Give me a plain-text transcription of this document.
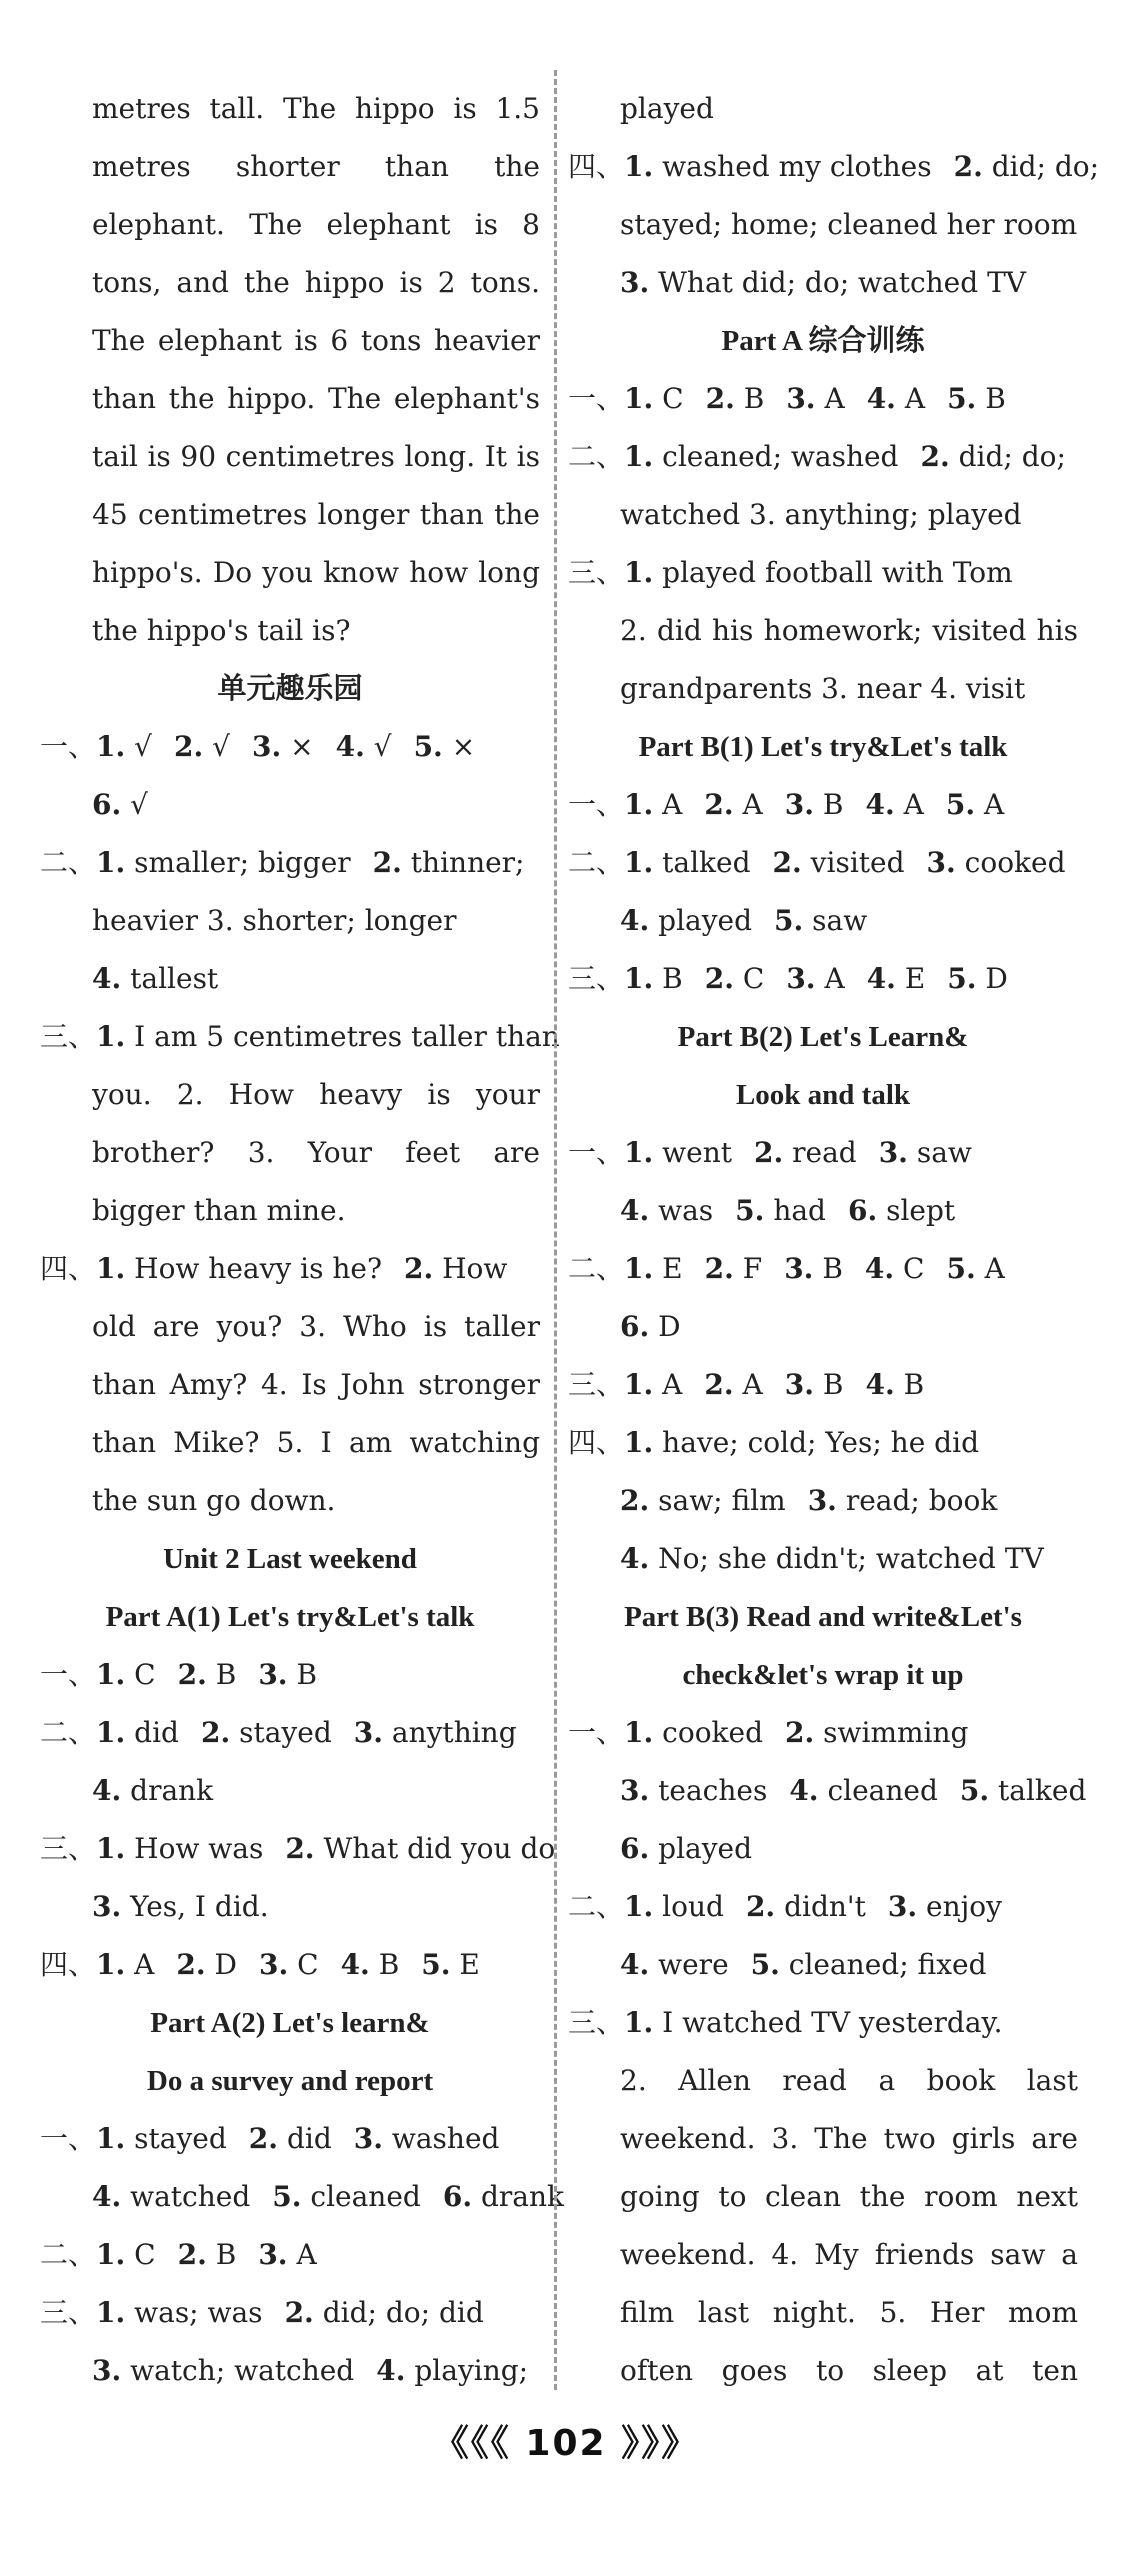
metres tall. The hippo is 1.5
metres shorter than the
elephant. The elephant is 8
tons, and the hippo is 2 tons.
The elephant is 6 tons heavier
than the hippo. The elephant's
tail is 90 centimetres long. It is
45 centimetres longer than the
hippo's. Do you know how long
the hippo's tail is?
单元趣乐园
一、1. √ 2. √ 3. × 4. √ 5. ×
6. √
二、1. smaller; bigger 2. thinner;
heavier 3. shorter; longer
4. tallest
三、1. I am 5 centimetres taller than
you. 2. How heavy is your
brother? 3. Your feet are
bigger than mine.
四、1. How heavy is he? 2. How
old are you? 3. Who is taller
than Amy? 4. Is John stronger
than Mike? 5. I am watching
the sun go down.
Unit 2 Last weekend
Part A(1) Let's try&Let's talk
一、1. C 2. B 3. B
二、1. did 2. stayed 3. anything
4. drank
三、1. How was 2. What did you do
3. Yes, I did.
四、1. A 2. D 3. C 4. B 5. E
Part A(2) Let's learn&
Do a survey and report
一、1. stayed 2. did 3. washed
4. watched 5. cleaned 6. drank
二、1. C 2. B 3. A
三、1. was; was 2. did; do; did
3. watch; watched 4. playing;
played
四、1. washed my clothes 2. did; do;
stayed; home; cleaned her room
3. What did; do; watched TV
Part A 综合训练
一、1. C 2. B 3. A 4. A 5. B
二、1. cleaned; washed 2. did; do;
watched 3. anything; played
三、1. played football with Tom
2. did his homework; visited his
grandparents 3. near 4. visit
Part B(1) Let's try&Let's talk
一、1. A 2. A 3. B 4. A 5. A
二、1. talked 2. visited 3. cooked
4. played 5. saw
三、1. B 2. C 3. A 4. E 5. D
Part B(2) Let's Learn&
Look and talk
一、1. went 2. read 3. saw
4. was 5. had 6. slept
二、1. E 2. F 3. B 4. C 5. A
6. D
三、1. A 2. A 3. B 4. B
四、1. have; cold; Yes; he did
2. saw; film 3. read; book
4. No; she didn't; watched TV
Part B(3) Read and write&Let's
check&let's wrap it up
一、1. cooked 2. swimming
3. teaches 4. cleaned 5. talked
6. played
二、1. loud 2. didn't 3. enjoy
4. were 5. cleaned; fixed
三、1. I watched TV yesterday.
2. Allen read a book last
weekend. 3. The two girls are
going to clean the room next
weekend. 4. My friends saw a
film last night. 5. Her mom
often goes to sleep at ten
《《《 102 》》》
